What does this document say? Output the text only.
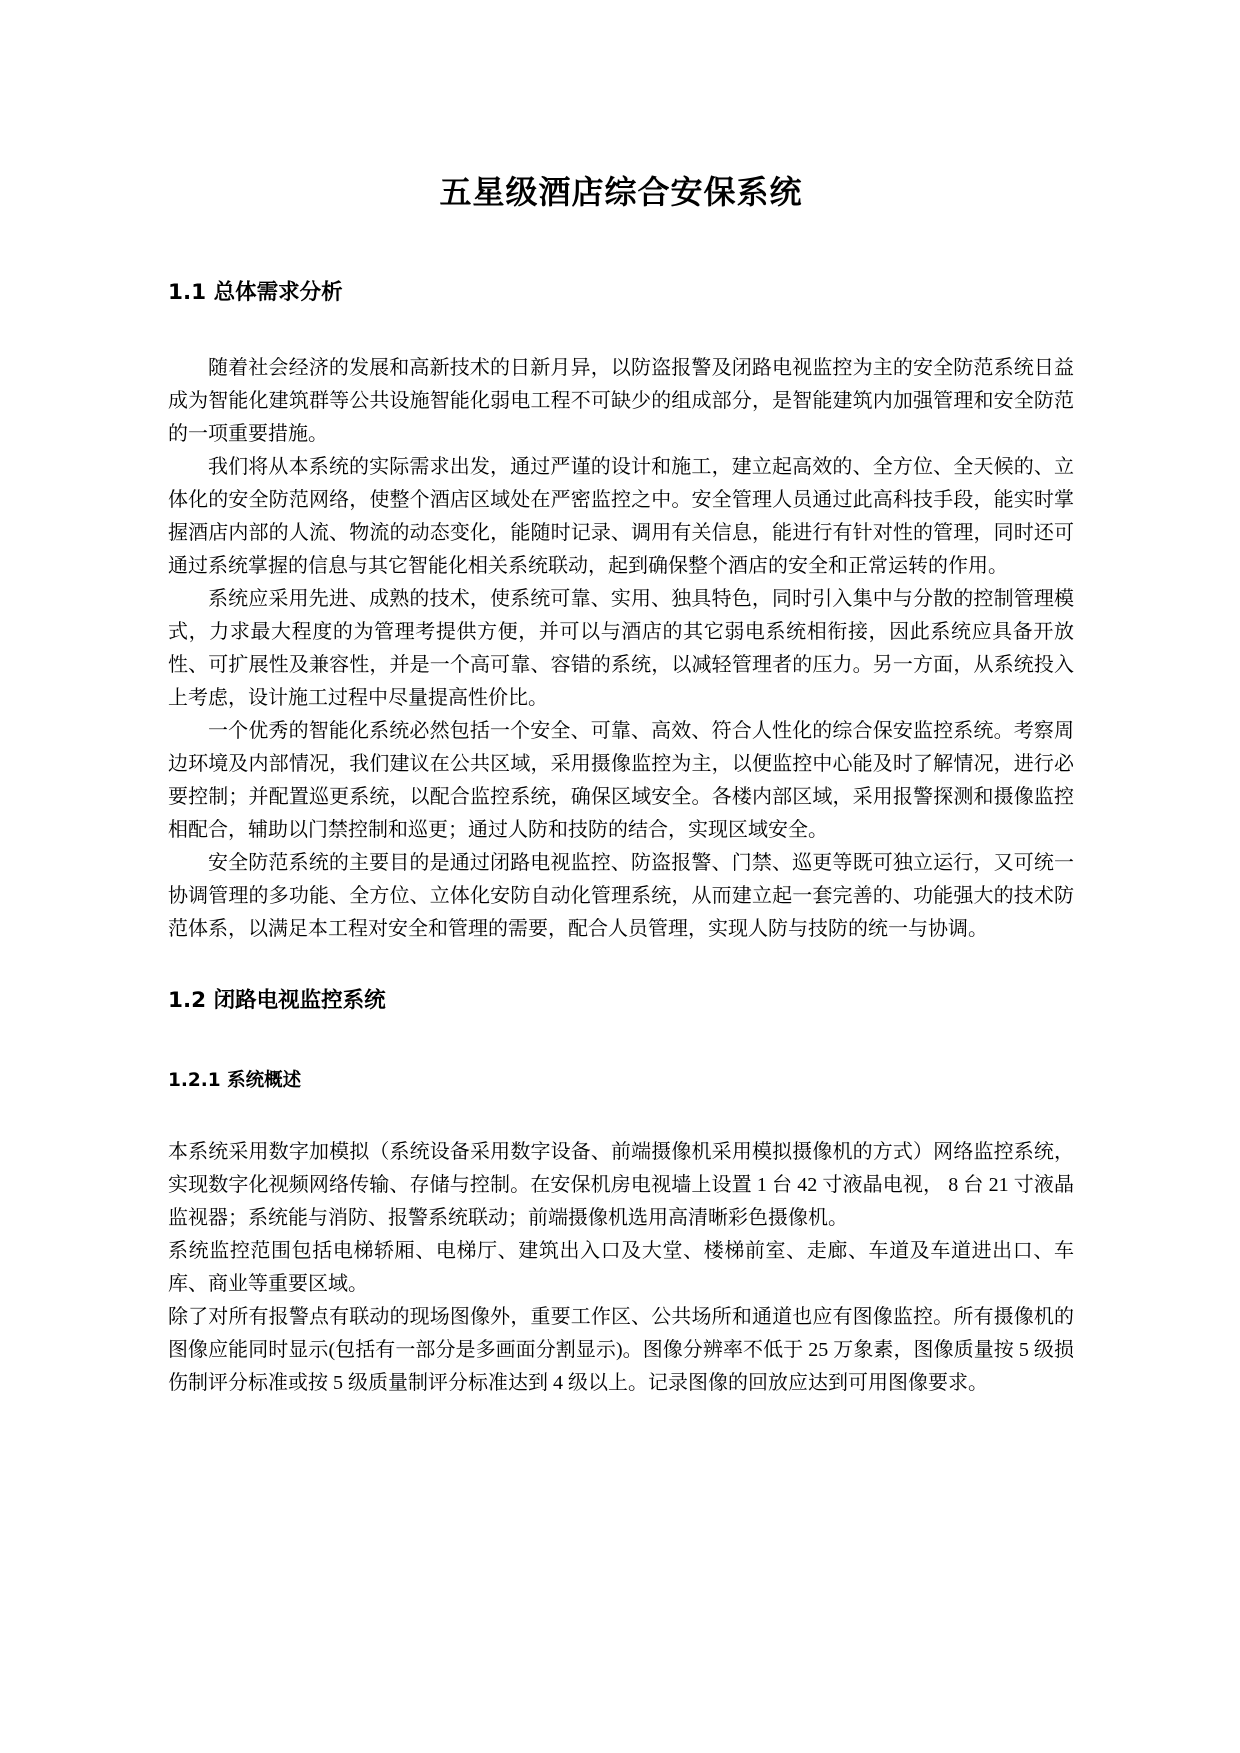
五星级酒店综合安保系统
1.1 总体需求分析

随着社会经济的发展和高新技术的日新月异，以防盗报警及闭路电视监控为主的安全防范系统日益成为智能化建筑群等公共设施智能化弱电工程不可缺少的组成部分，是智能建筑内加强管理和安全防范的一项重要措施。

我们将从本系统的实际需求出发，通过严谨的设计和施工，建立起高效的、全方位、全天候的、立体化的安全防范网络，使整个酒店区域处在严密监控之中。安全管理人员通过此高科技手段，能实时掌握酒店内部的人流、物流的动态变化，能随时记录、调用有关信息，能进行有针对性的管理，同时还可通过系统掌握的信息与其它智能化相关系统联动，起到确保整个酒店的安全和正常运转的作用。

系统应采用先进、成熟的技术，使系统可靠、实用、独具特色，同时引入集中与分散的控制管理模式，力求最大程度的为管理考提供方便，并可以与酒店的其它弱电系统相衔接，因此系统应具备开放性、可扩展性及兼容性，并是一个高可靠、容错的系统，以减轻管理者的压力。另一方面，从系统投入上考虑，设计施工过程中尽量提高性价比。

一个优秀的智能化系统必然包括一个安全、可靠、高效、符合人性化的综合保安监控系统。考察周边环境及内部情况，我们建议在公共区域，采用摄像监控为主，以便监控中心能及时了解情况，进行必要控制；并配置巡更系统，以配合监控系统，确保区域安全。各楼内部区域，采用报警探测和摄像监控相配合，辅助以门禁控制和巡更；通过人防和技防的结合，实现区域安全。

安全防范系统的主要目的是通过闭路电视监控、防盗报警、门禁、巡更等既可独立运行，又可统一协调管理的多功能、全方位、立体化安防自动化管理系统，从而建立起一套完善的、功能强大的技术防范体系，以满足本工程对安全和管理的需要，配合人员管理，实现人防与技防的统一与协调。

1.2 闭路电视监控系统
1.2.1 系统概述

本系统采用数字加模拟（系统设备采用数字设备、前端摄像机采用模拟摄像机的方式）网络监控系统，实现数字化视频网络传输、存储与控制。在安保机房电视墙上设置 1 台 42 寸液晶电视， 8 台 21 寸液晶监视器；系统能与消防、报警系统联动；前端摄像机选用高清晰彩色摄像机。

系统监控范围包括电梯轿厢、电梯厅、建筑出入口及大堂、楼梯前室、走廊、车道及车道进出口、车库、商业等重要区域。

除了对所有报警点有联动的现场图像外，重要工作区、公共场所和通道也应有图像监控。所有摄像机的图像应能同时显示(包括有一部分是多画面分割显示)。图像分辨率不低于 25 万象素，图像质量按 5 级损伤制评分标准或按 5 级质量制评分标准达到 4 级以上。记录图像的回放应达到可用图像要求。
